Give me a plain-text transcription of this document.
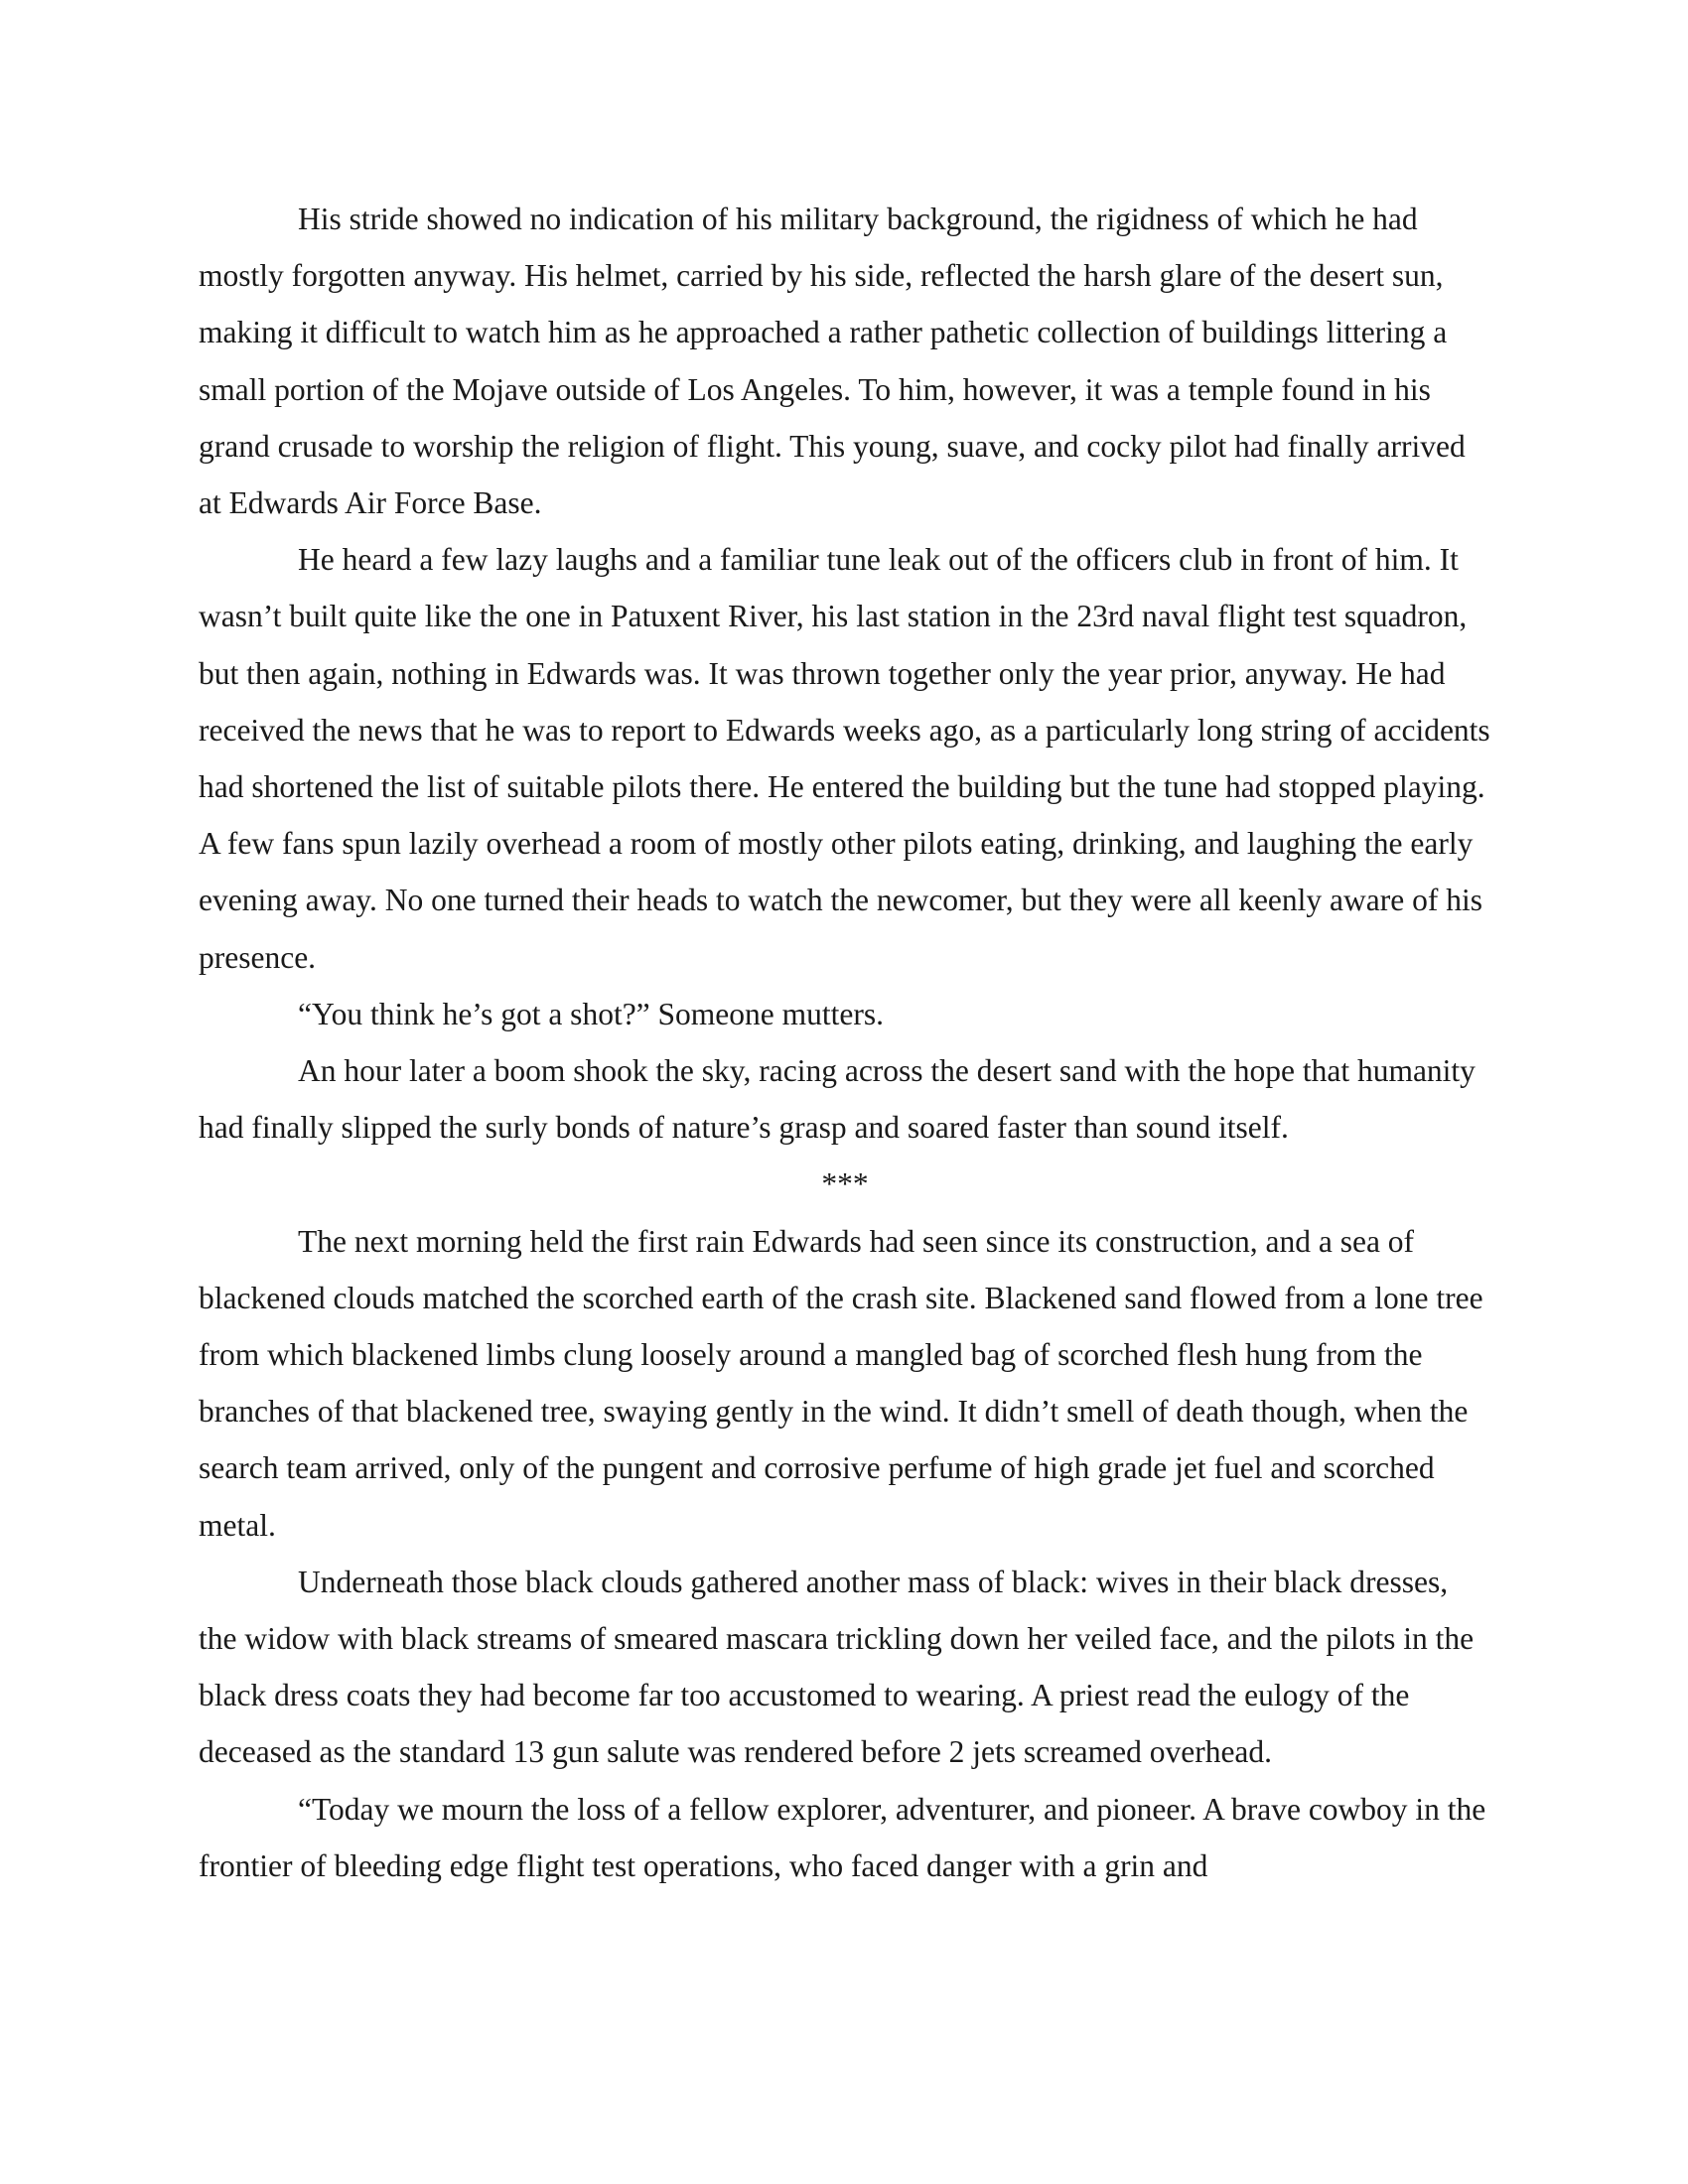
His stride showed no indication of his military background, the rigidness of which he had mostly forgotten anyway. His helmet, carried by his side, reflected the harsh glare of the desert sun, making it difficult to watch him as he approached a rather pathetic collection of buildings littering a small portion of the Mojave outside of Los Angeles. To him, however, it was a temple found in his grand crusade to worship the religion of flight. This young, suave, and cocky pilot had finally arrived at Edwards Air Force Base.

He heard a few lazy laughs and a familiar tune leak out of the officers club in front of him. It wasn’t built quite like the one in Patuxent River, his last station in the 23rd naval flight test squadron, but then again, nothing in Edwards was. It was thrown together only the year prior, anyway. He had received the news that he was to report to Edwards weeks ago, as a particularly long string of accidents had shortened the list of suitable pilots there. He entered the building but the tune had stopped playing. A few fans spun lazily overhead a room of mostly other pilots eating, drinking, and laughing the early evening away. No one turned their heads to watch the newcomer, but they were all keenly aware of his presence.

“You think he’s got a shot?” Someone mutters.

An hour later a boom shook the sky, racing across the desert sand with the hope that humanity had finally slipped the surly bonds of nature’s grasp and soared faster than sound itself.

***

The next morning held the first rain Edwards had seen since its construction, and a sea of blackened clouds matched the scorched earth of the crash site. Blackened sand flowed from a lone tree from which blackened limbs clung loosely around a mangled bag of scorched flesh hung from the branches of that blackened tree, swaying gently in the wind. It didn’t smell of death though, when the search team arrived, only of the pungent and corrosive perfume of high grade jet fuel and scorched metal.

Underneath those black clouds gathered another mass of black: wives in their black dresses, the widow with black streams of smeared mascara trickling down her veiled face, and the pilots in the black dress coats they had become far too accustomed to wearing. A priest read the eulogy of the deceased as the standard 13 gun salute was rendered before 2 jets screamed overhead.

“Today we mourn the loss of a fellow explorer, adventurer, and pioneer. A brave cowboy in the frontier of bleeding edge flight test operations, who faced danger with a grin and
